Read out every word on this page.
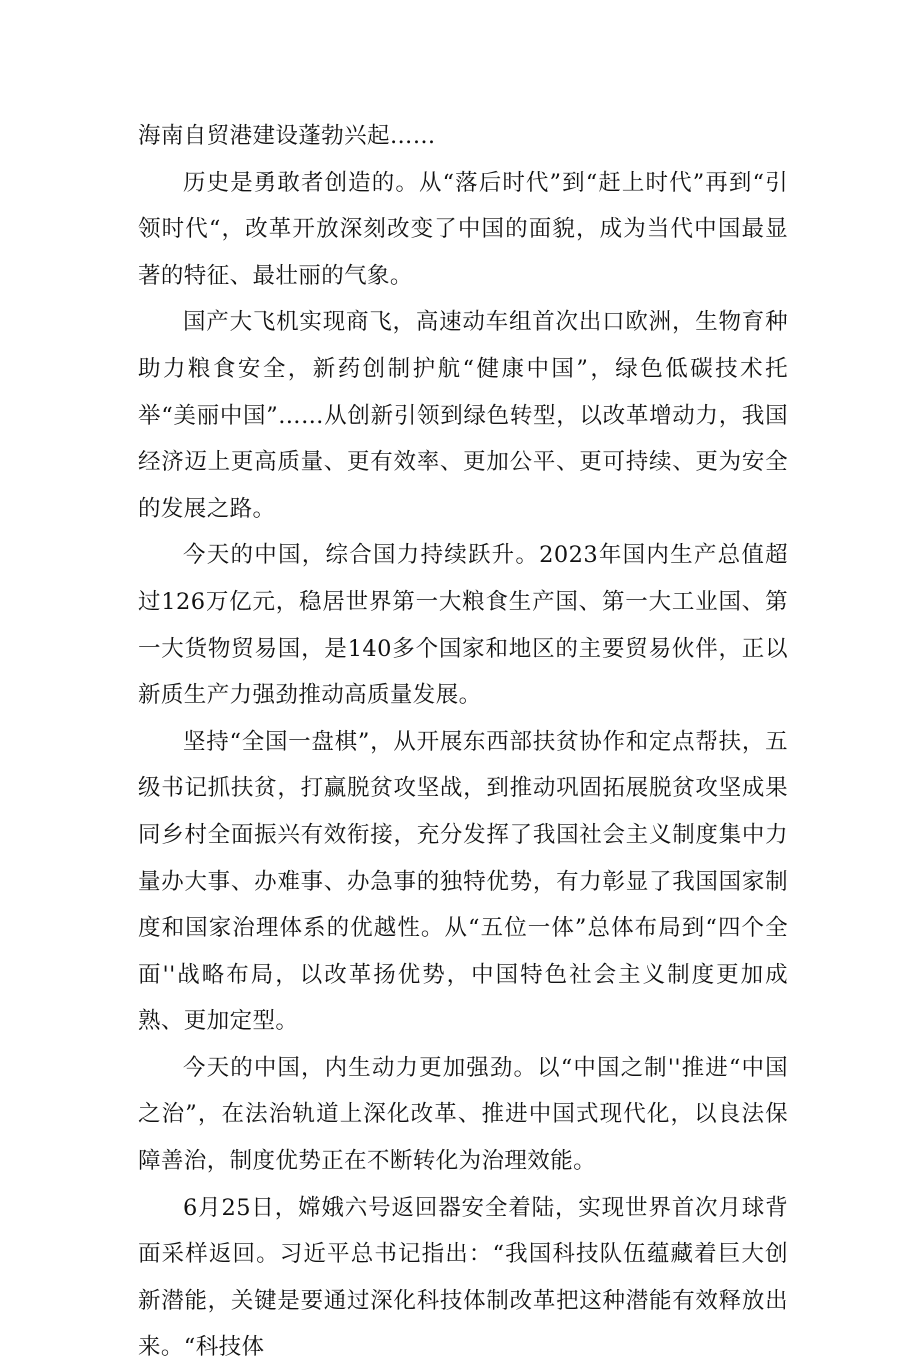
海南自贸港建设蓬勃兴起……

历史是勇敢者创造的。从“落后时代”到“赶上时代”再到“引领时代“，改革开放深刻改变了中国的面貌，成为当代中国最显著的特征、最壮丽的气象。

国产大飞机实现商飞，高速动车组首次出口欧洲，生物育种助力粮食安全，新药创制护航“健康中国”，绿色低碳技术托举“美丽中国”……从创新引领到绿色转型，以改革增动力，我国经济迈上更高质量、更有效率、更加公平、更可持续、更为安全的发展之路。

今天的中国，综合国力持续跃升。2023年国内生产总值超过126万亿元，稳居世界第一大粮食生产国、第一大工业国、第一大货物贸易国，是140多个国家和地区的主要贸易伙伴，正以新质生产力强劲推动高质量发展。

坚持“全国一盘棋”，从开展东西部扶贫协作和定点帮扶，五级书记抓扶贫，打赢脱贫攻坚战，到推动巩固拓展脱贫攻坚成果同乡村全面振兴有效衔接，充分发挥了我国社会主义制度集中力量办大事、办难事、办急事的独特优势，有力彰显了我国国家制度和国家治理体系的优越性。从“五位一体”总体布局到“四个全面''战略布局，以改革扬优势，中国特色社会主义制度更加成熟、更加定型。

今天的中国，内生动力更加强劲。以“中国之制''推进“中国之治”，在法治轨道上深化改革、推进中国式现代化，以良法保障善治，制度优势正在不断转化为治理效能。

6月25日，嫦娥六号返回器安全着陆，实现世界首次月球背面采样返回。习近平总书记指出：“我国科技队伍蕴藏着巨大创新潜能，关键是要通过深化科技体制改革把这种潜能有效释放出来。“科技体
